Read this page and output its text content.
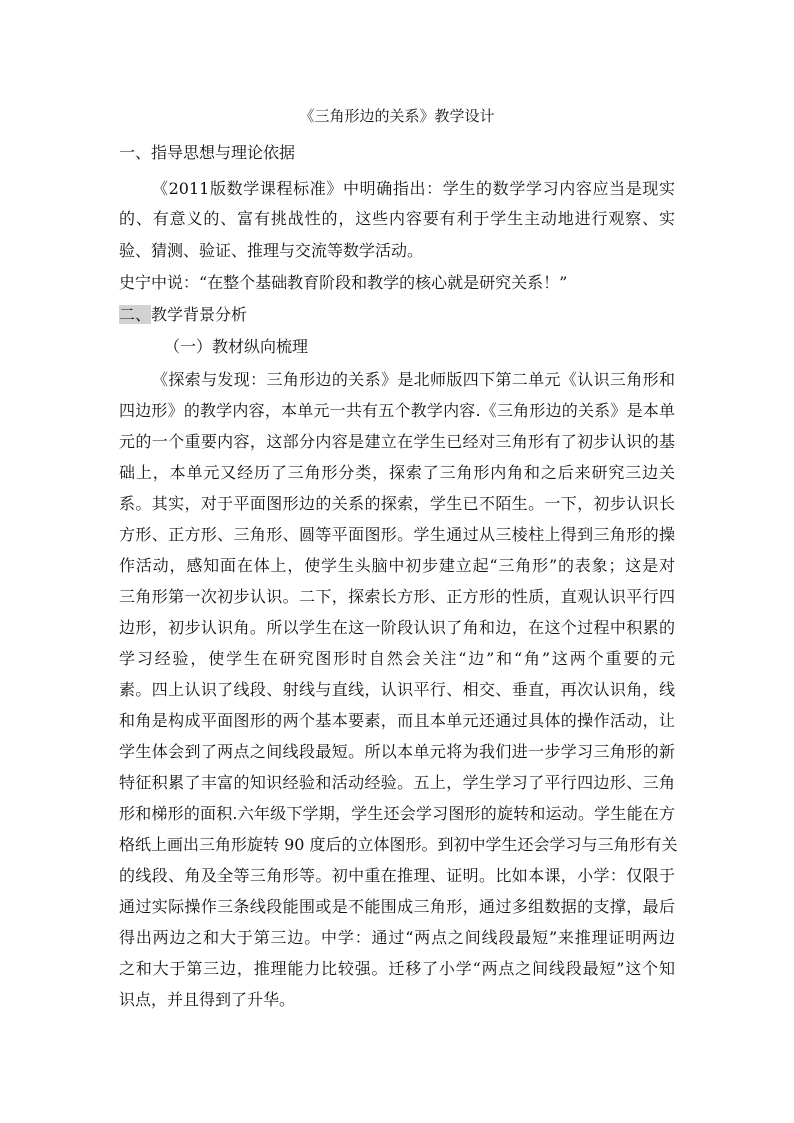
《三角形边的关系》教学设计
一、指导思想与理论依据
《2011版数学课程标准》中明确指出：学生的数学学习内容应当是现实
的、有意义的、富有挑战性的，这些内容要有利于学生主动地进行观察、实
验、猜测、验证、推理与交流等数学活动。
史宁中说：“在整个基础教育阶段和教学的核心就是研究关系！”
二、教学背景分析
（一）教材纵向梳理
《探索与发现：三角形边的关系》是北师版四下第二单元《认识三角形和
四边形》的教学内容，本单元一共有五个教学内容.《三角形边的关系》是本单
元的一个重要内容，这部分内容是建立在学生已经对三角形有了初步认识的基
础上，本单元又经历了三角形分类，探索了三角形内角和之后来研究三边关
系。其实，对于平面图形边的关系的探索，学生已不陌生。一下，初步认识长
方形、正方形、三角形、圆等平面图形。学生通过从三棱柱上得到三角形的操
作活动，感知面在体上，使学生头脑中初步建立起“三角形”的表象；这是对
三角形第一次初步认识。二下，探索长方形、正方形的性质，直观认识平行四
边形，初步认识角。所以学生在这一阶段认识了角和边，在这个过程中积累的
学习经验，使学生在研究图形时自然会关注“边”和“角”这两个重要的元
素。四上认识了线段、射线与直线，认识平行、相交、垂直，再次认识角，线
和角是构成平面图形的两个基本要素，而且本单元还通过具体的操作活动，让
学生体会到了两点之间线段最短。所以本单元将为我们进一步学习三角形的新
特征积累了丰富的知识经验和活动经验。五上，学生学习了平行四边形、三角
形和梯形的面积.六年级下学期，学生还会学习图形的旋转和运动。学生能在方
格纸上画出三角形旋转 90 度后的立体图形。到初中学生还会学习与三角形有关
的线段、角及全等三角形等。初中重在推理、证明。比如本课，小学：仅限于
通过实际操作三条线段能围或是不能围成三角形，通过多组数据的支撑，最后
得出两边之和大于第三边。中学：通过“两点之间线段最短”来推理证明两边
之和大于第三边，推理能力比较强。迁移了小学“两点之间线段最短”这个知
识点，并且得到了升华。
